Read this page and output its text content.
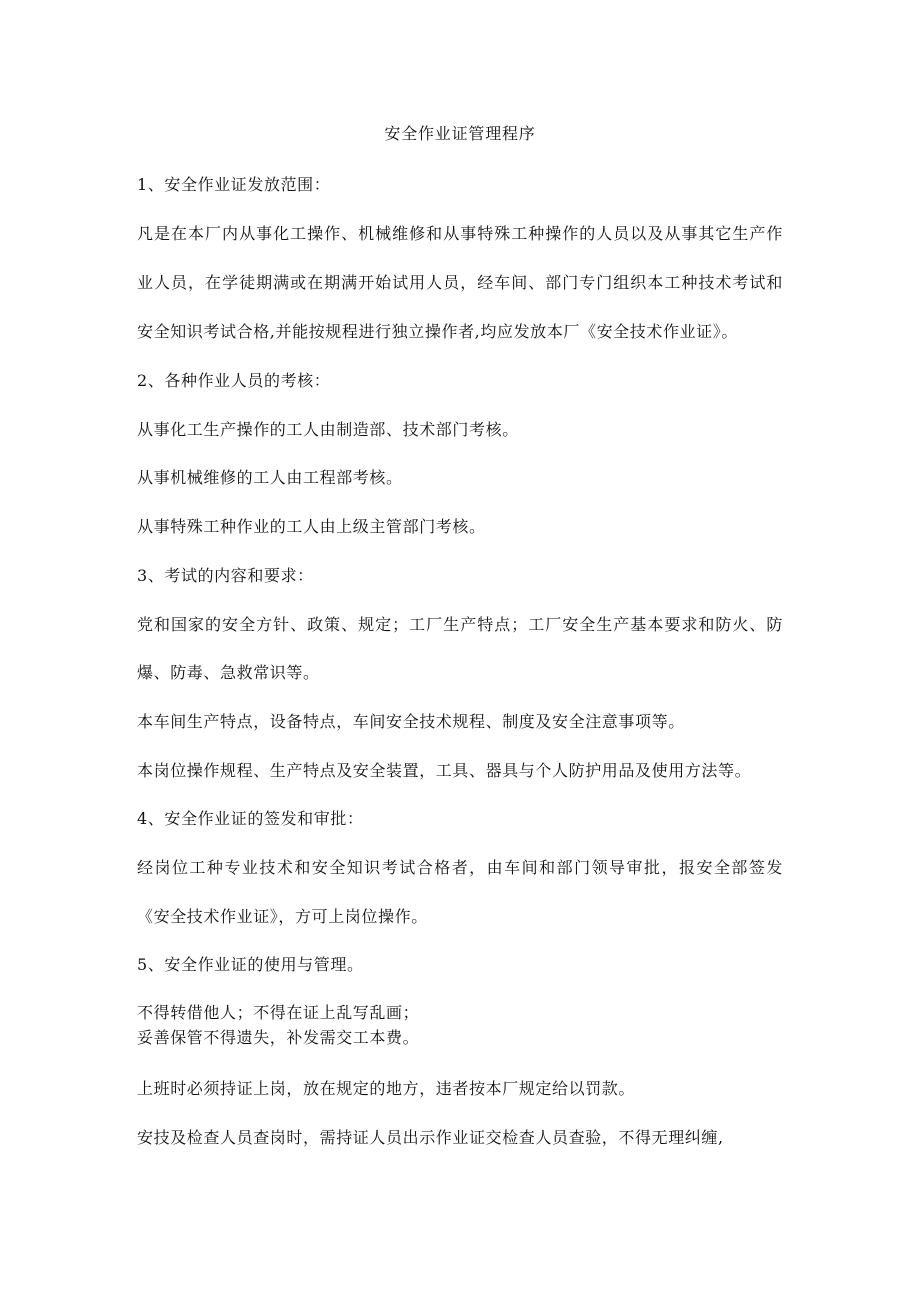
安全作业证管理程序
1、安全作业证发放范围：
凡是在本厂内从事化工操作、机械维修和从事特殊工种操作的人员以及从事其它生产作
业人员，在学徒期满或在期满开始试用人员，经车间、部门专门组织本工种技术考试和
安全知识考试合格,并能按规程进行独立操作者,均应发放本厂《安全技术作业证》。
2、各种作业人员的考核：
从事化工生产操作的工人由制造部、技术部门考核。
从事机械维修的工人由工程部考核。
从事特殊工种作业的工人由上级主管部门考核。
3、考试的内容和要求：
党和国家的安全方针、政策、规定；工厂生产特点；工厂安全生产基本要求和防火、防
爆、防毒、急救常识等。
本车间生产特点，设备特点，车间安全技术规程、制度及安全注意事项等。
本岗位操作规程、生产特点及安全装置，工具、器具与个人防护用品及使用方法等。
4、安全作业证的签发和审批：
经岗位工种专业技术和安全知识考试合格者，由车间和部门领导审批，报安全部签发
《安全技术作业证》，方可上岗位操作。
5、安全作业证的使用与管理。
不得转借他人；不得在证上乱写乱画；
妥善保管不得遗失，补发需交工本费。
上班时必须持证上岗，放在规定的地方，违者按本厂规定给以罚款。
安技及检查人员查岗时，需持证人员出示作业证交检查人员查验，不得无理纠缠,
